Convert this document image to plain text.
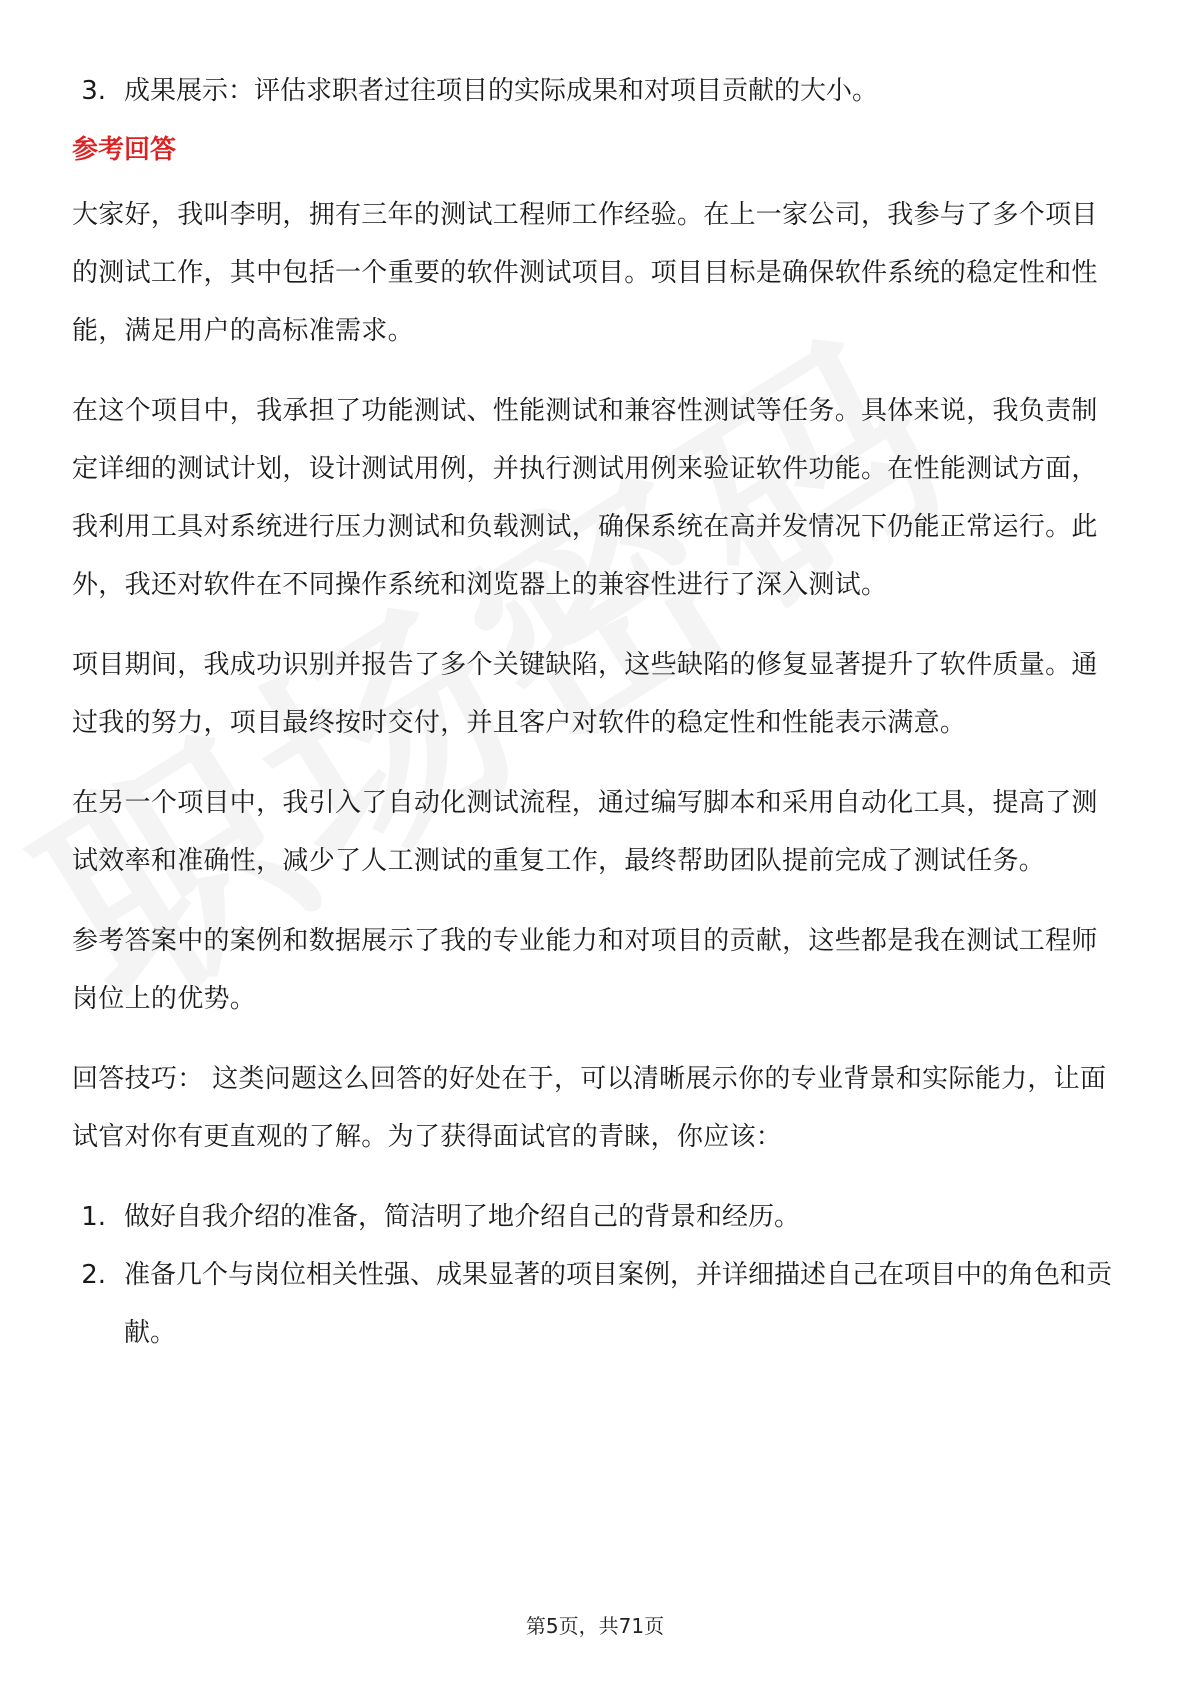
3. 成果展示：评估求职者过往项目的实际成果和对项目贡献的大小。
参考回答

大家好，我叫李明，拥有三年的测试工程师工作经验。在上一家公司，我参与了多个项目的测试工作，其中包括一个重要的软件测试项目。项目目标是确保软件系统的稳定性和性能，满足用户的高标准需求。

在这个项目中，我承担了功能测试、性能测试和兼容性测试等任务。具体来说，我负责制定详细的测试计划，设计测试用例，并执行测试用例来验证软件功能。在性能测试方面，我利用工具对系统进行压力测试和负载测试，确保系统在高并发情况下仍能正常运行。此外，我还对软件在不同操作系统和浏览器上的兼容性进行了深入测试。

项目期间，我成功识别并报告了多个关键缺陷，这些缺陷的修复显著提升了软件质量。通过我的努力，项目最终按时交付，并且客户对软件的稳定性和性能表示满意。

在另一个项目中，我引入了自动化测试流程，通过编写脚本和采用自动化工具，提高了测试效率和准确性，减少了人工测试的重复工作，最终帮助团队提前完成了测试任务。

参考答案中的案例和数据展示了我的专业能力和对项目的贡献，这些都是我在测试工程师岗位上的优势。

回答技巧： 这类问题这么回答的好处在于，可以清晰展示你的专业背景和实际能力，让面试官对你有更直观的了解。为了获得面试官的青睐，你应该：

1. 做好自我介绍的准备，简洁明了地介绍自己的背景和经历。
2. 准备几个与岗位相关性强、成果显著的项目案例，并详细描述自己在项目中的角色和贡献。
第5页，共71页
